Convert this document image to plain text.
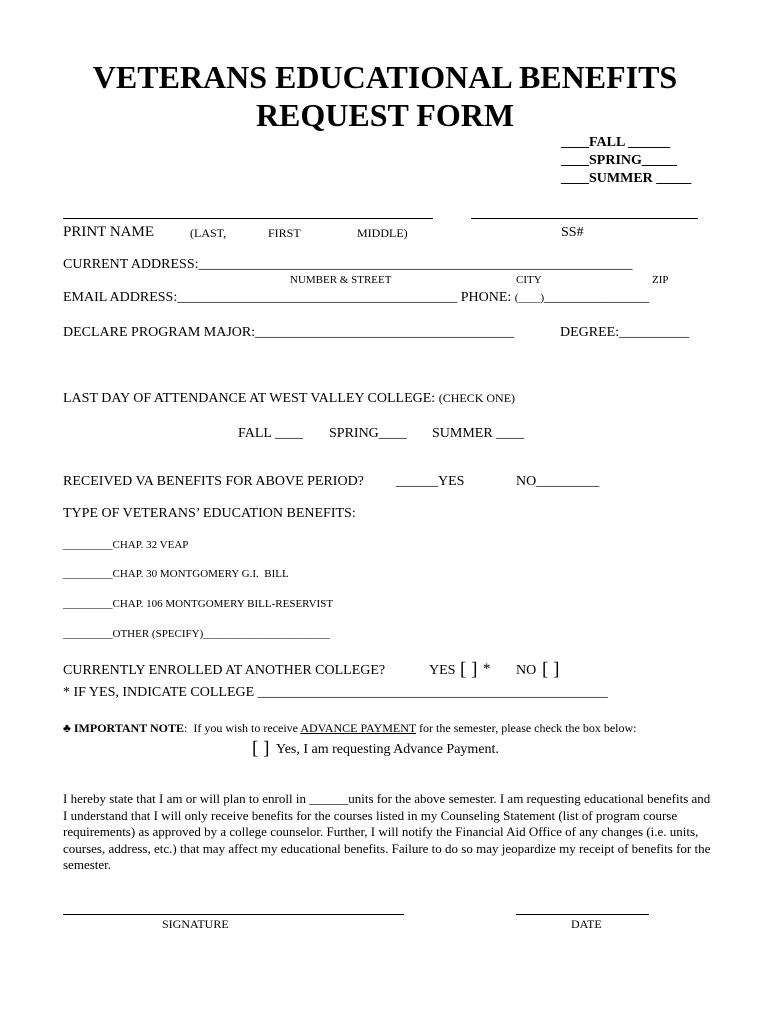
VETERANS EDUCATIONAL BENEFITS
REQUEST FORM
____FALL ______
____SPRING_____
____SUMMER _____
PRINT NAME	(LAST,	FIRST	MIDDLE)	SS#
CURRENT ADDRESS:______________________________________________________________
NUMBER & STREET	CITY	ZIP
EMAIL ADDRESS:________________________________________ PHONE: (____)_______________
DECLARE PROGRAM MAJOR:_____________________________________	DEGREE:__________
LAST DAY OF ATTENDANCE AT WEST VALLEY COLLEGE: (CHECK ONE)
FALL ____ SPRING____ SUMMER ____
RECEIVED VA BENEFITS FOR ABOVE PERIOD? ______YES	NO_________
TYPE OF VETERANS’ EDUCATION BENEFITS:
_________CHAP. 32 VEAP
_________CHAP. 30 MONTGOMERY G.I.  BILL
_________CHAP. 106 MONTGOMERY BILL-RESERVIST
_________OTHER (SPECIFY)_______________________
CURRENTLY ENROLLED AT ANOTHER COLLEGE?	YES [ ] * NO [ ]
* IF YES, INDICATE COLLEGE __________________________________________________
♣ IMPORTANT NOTE:  If you wish to receive ADVANCE PAYMENT for the semester, please check the box below:
[ ] Yes, I am requesting Advance Payment.
I hereby state that I am or will plan to enroll in ______units for the above semester. I am requesting educational benefits and I understand that I will only receive benefits for the courses listed in my Counseling Statement (list of program course requirements) as approved by a college counselor. Further, I will notify the Financial Aid Office of any changes (i.e. units, courses, address, etc.) that may affect my educational benefits. Failure to do so may jeopardize my receipt of benefits for the semester.
SIGNATURE	DATE
